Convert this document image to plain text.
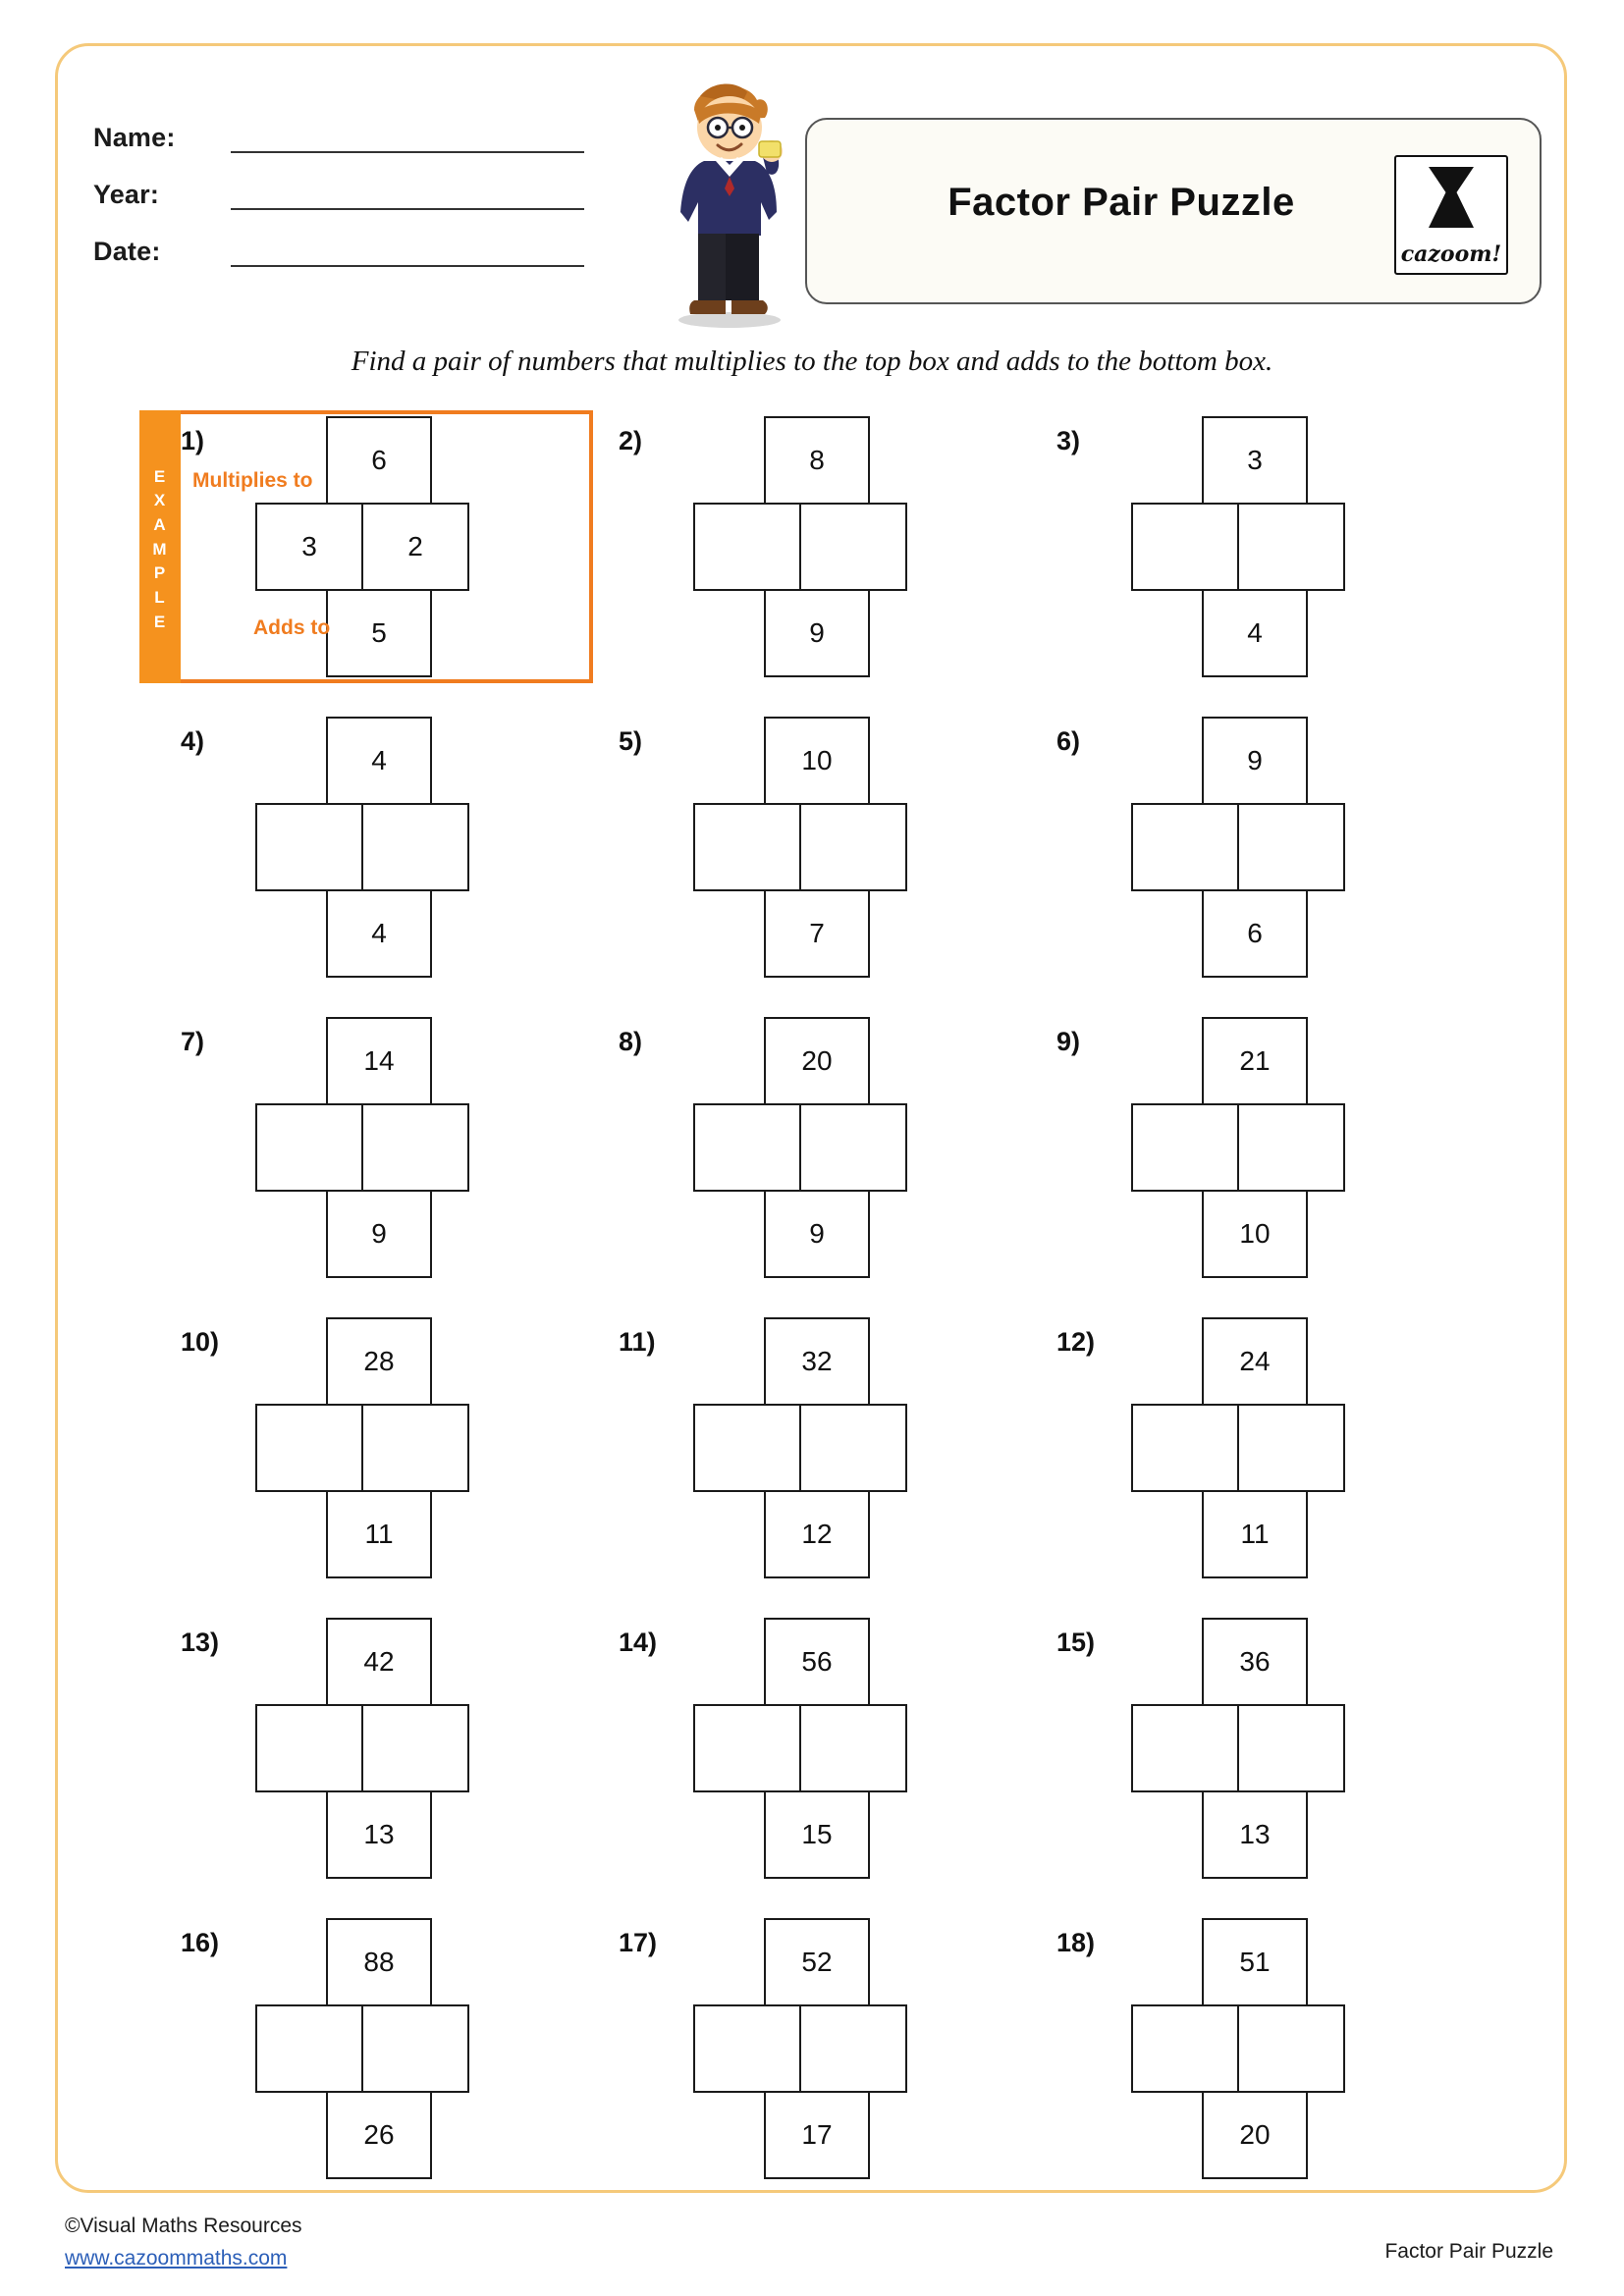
Name:
Year:
Date:
Factor Pair Puzzle
cazoom!
Find a pair of numbers that multiplies to the top box and adds to the bottom box.
1)
6
3	2
5
2)
8
9
3)
3
4
4)
4
4
5)
10
7
6)
9
6
7)
14
9
8)
20
9
9)
21
10
10)
28
11
11)
32
12
12)
24
11
13)
42
13
14)
56
15
15)
36
13
16)
88
26
17)
52
17
18)
51
20
E
X
A
M
P
L
E
Multiplies to
Adds to
©Visual Maths Resources
www.cazoommaths.com	Factor Pair Puzzle
